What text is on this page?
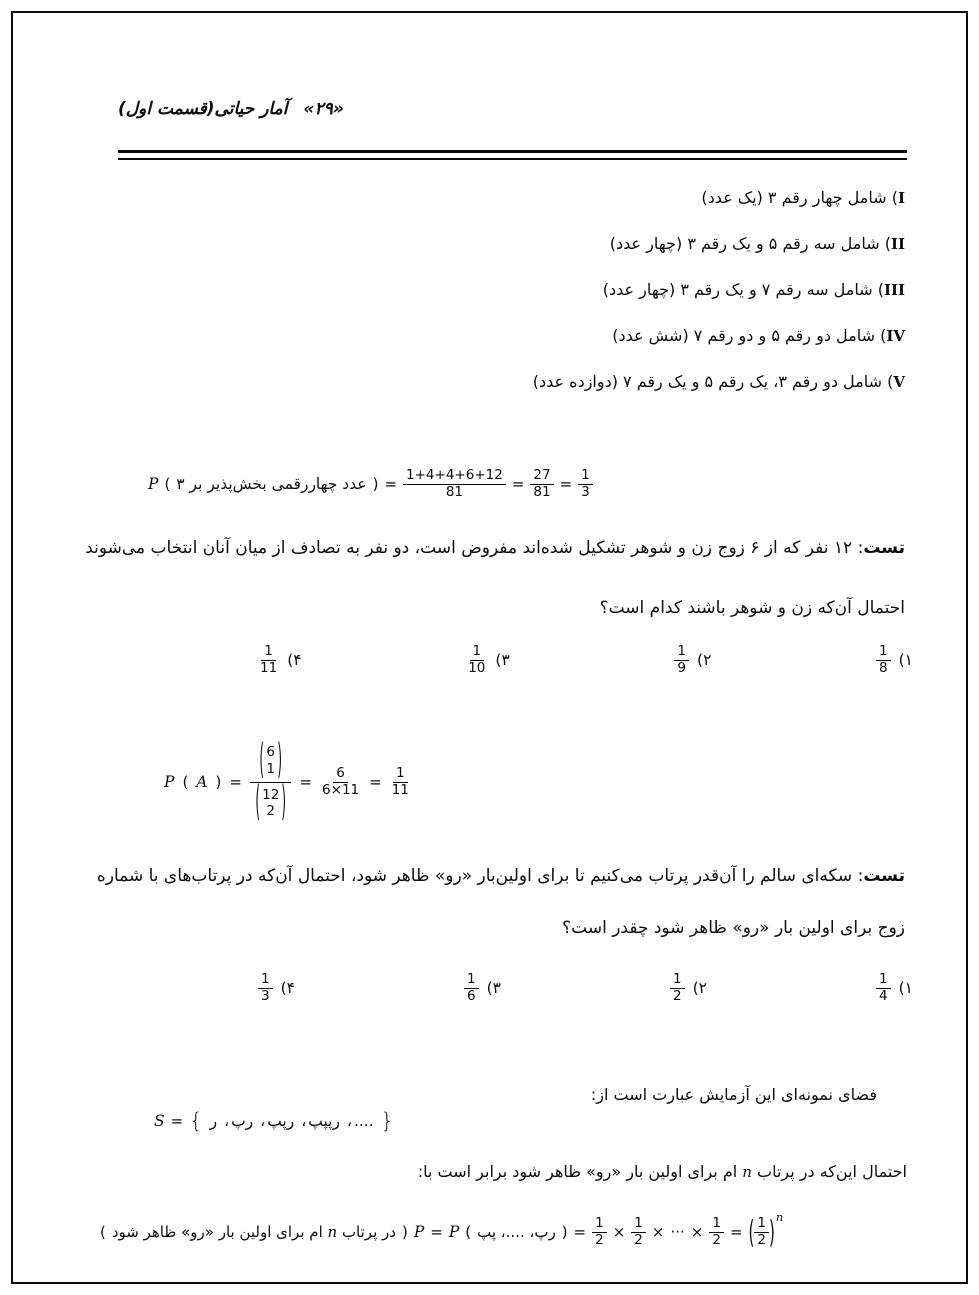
آمار حياتی(قسمت اول) «۲۹»
I) شامل چهار رقم ۳ (يک عدد)
II) شامل سه رقم ۵ و يک رقم ۳ (چهار عدد)
III) شامل سه رقم ۷ و يک رقم ۳ (چهار عدد)
IV) شامل دو رقم ۵ و دو رقم ۷ (شش عدد)
V) شامل دو رقم ۳، يک رقم ۵ و يک رقم ۷ (دوازده عدد)
P ( عدد چهاررقمی بخش‌پذير بر ۳ ) = $\frac{1+4+4+6+12}{81} = \frac{27}{81} = \frac{1}{3}$
تست: ۱۲ نفر که از ۶ زوج زن و شوهر تشکيل شده‌اند مفروض است، دو نفر به تصادف از ميان آنان انتخاب می‌شوند
احتمال آن‌که زن و شوهر باشند کدام است؟
۱)
$\frac{1}{8}$
۲)
$\frac{1}{9}$
۳)
$\frac{1}{10}$
۴)
$\frac{1}{11}$
P ( A ) = ( 6
1 )
( 12
2 ) = $\frac{6}{6\times 11} = \frac{1}{11}$
تست: سکه‌ای سالم را آن‌قدر پرتاب می‌کنيم تا برای اولين‌بار «رو» ظاهر شود، احتمال آن‌که در پرتاب‌های با شماره
زوج برای اولين بار «رو» ظاهر شود چقدر است؟
۱)
$\frac{1}{4}$
۲)
$\frac{1}{2}$
۳)
$\frac{1}{6}$
۴)
$\frac{1}{3}$
فضای نمونه‌ای اين آزمايش عبارت است از:
S = { ر ، رپ ، رپپ ، رپپپ ، .... }
احتمال اين‌که در پرتاب n ام برای اولين بار «رو» ظاهر شود برابر است با:
(	در پرتاب n ام برای اولين بار «رو» ظاهر شود	) P = P ( رپ، ....، پپ ) = $\frac{1}{2} \times \frac{1}{2}$ × ··· × $\frac{1}{2}$ = ( $\frac{1}{2} )^n$
